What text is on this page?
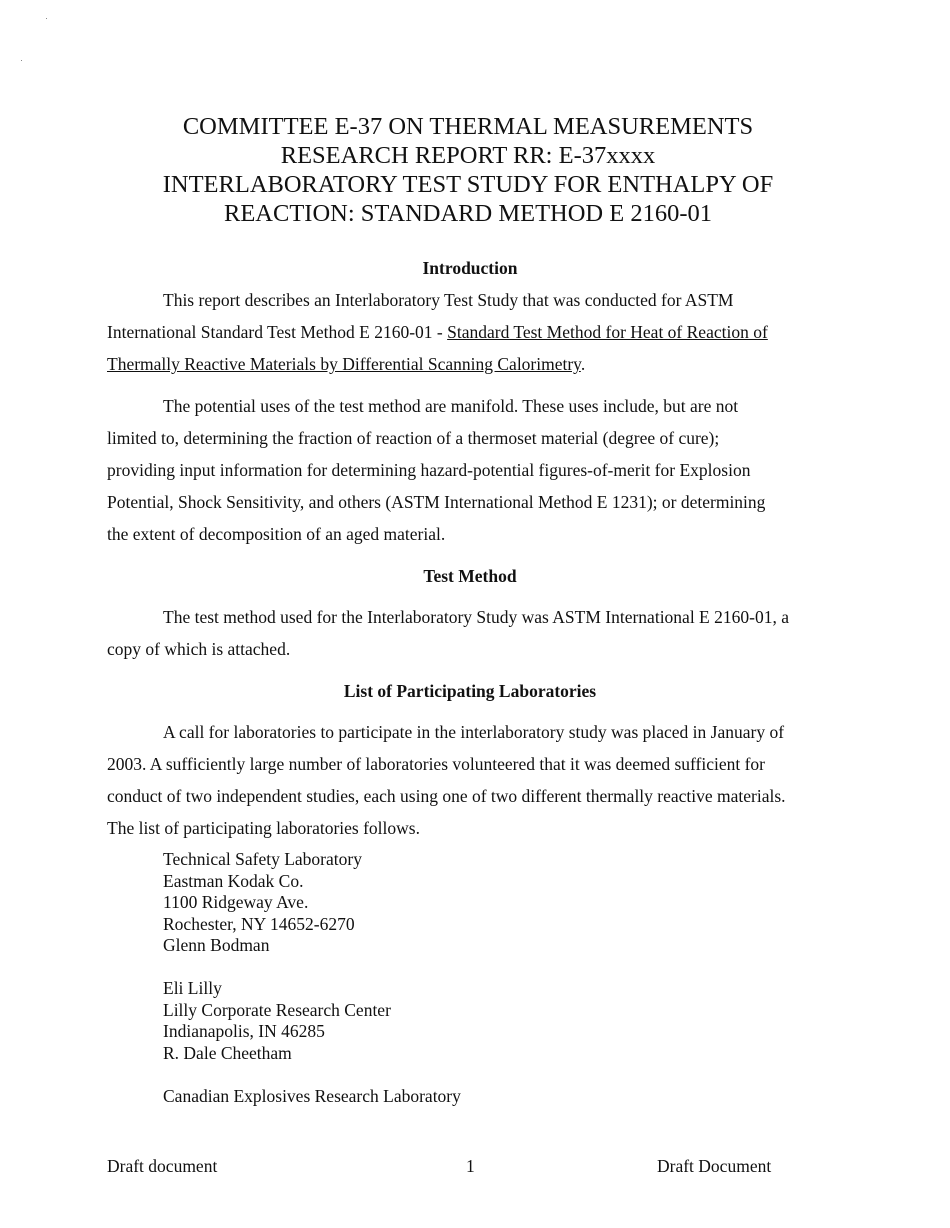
COMMITTEE E-37 ON THERMAL MEASUREMENTS
RESEARCH REPORT RR: E-37xxxx
INTERLABORATORY TEST STUDY FOR ENTHALPY OF
REACTION: STANDARD METHOD E 2160-01
Introduction
This report describes an Interlaboratory Test Study that was conducted for ASTM
International Standard Test Method E 2160-01 - Standard Test Method for Heat of Reaction of
Thermally Reactive Materials by Differential Scanning Calorimetry.
The potential uses of the test method are manifold. These uses include, but are not
limited to, determining the fraction of reaction of a thermoset material (degree of cure);
providing input information for determining hazard-potential figures-of-merit for Explosion
Potential, Shock Sensitivity, and others (ASTM International Method E 1231); or determining
the extent of decomposition of an aged material.
Test Method
The test method used for the Interlaboratory Study was ASTM International E 2160-01, a
copy of which is attached.
List of Participating Laboratories
A call for laboratories to participate in the interlaboratory study was placed in January of
2003. A sufficiently large number of laboratories volunteered that it was deemed sufficient for
conduct of two independent studies, each using one of two different thermally reactive materials.
The list of participating laboratories follows.
Technical Safety Laboratory
Eastman Kodak Co.
1100 Ridgeway Ave.
Rochester, NY 14652-6270
Glenn Bodman
Eli Lilly
Lilly Corporate Research Center
Indianapolis, IN 46285
R. Dale Cheetham
Canadian Explosives Research Laboratory
Draft document	1	Draft Document
